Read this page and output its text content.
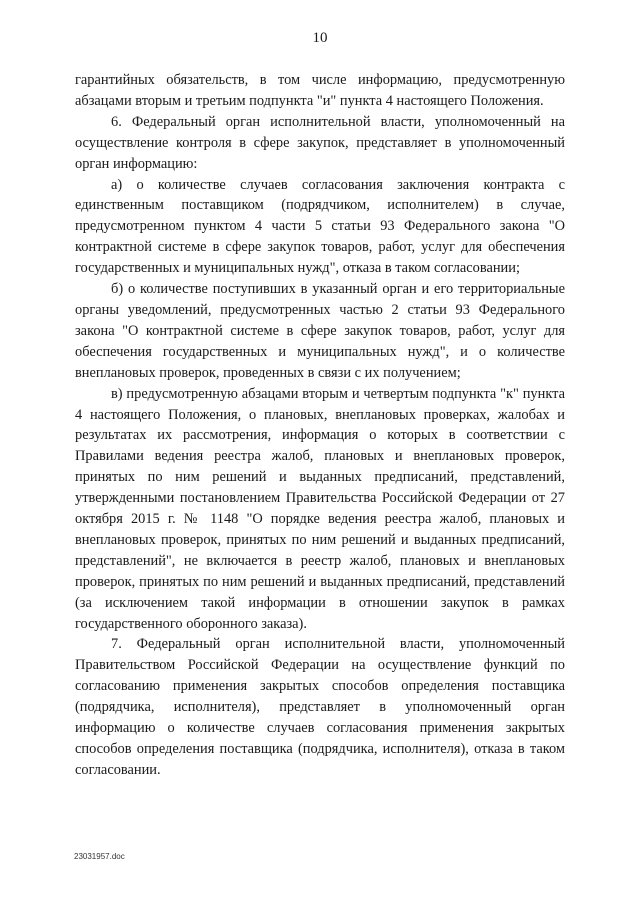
10

гарантийных обязательств, в том числе информацию, предусмотренную абзацами вторым и третьим подпункта "и" пункта 4 настоящего Положения.

6. Федеральный орган исполнительной власти, уполномоченный на осуществление контроля в сфере закупок, представляет в уполномоченный орган информацию:

а) о количестве случаев согласования заключения контракта с единственным поставщиком (подрядчиком, исполнителем) в случае, предусмотренном пунктом 4 части 5 статьи 93 Федерального закона "О контрактной системе в сфере закупок товаров, работ, услуг для обеспечения государственных и муниципальных нужд", отказа в таком согласовании;

б) о количестве поступивших в указанный орган и его территориальные органы уведомлений, предусмотренных частью 2 статьи 93 Федерального закона "О контрактной системе в сфере закупок товаров, работ, услуг для обеспечения государственных и муниципальных нужд", и о количестве внеплановых проверок, проведенных в связи с их получением;

в) предусмотренную абзацами вторым и четвертым подпункта "к" пункта 4 настоящего Положения, о плановых, внеплановых проверках, жалобах и результатах их рассмотрения, информация о которых в соответствии с Правилами ведения реестра жалоб, плановых и внеплановых проверок, принятых по ним решений и выданных предписаний, представлений, утвержденными постановлением Правительства Российской Федерации от 27 октября 2015 г. № 1148 "О порядке ведения реестра жалоб, плановых и внеплановых проверок, принятых по ним решений и выданных предписаний, представлений", не включается в реестр жалоб, плановых и внеплановых проверок, принятых по ним решений и выданных предписаний, представлений (за исключением такой информации в отношении закупок в рамках государственного оборонного заказа).

7. Федеральный орган исполнительной власти, уполномоченный Правительством Российской Федерации на осуществление функций по согласованию применения закрытых способов определения поставщика (подрядчика, исполнителя), представляет в уполномоченный орган информацию о количестве случаев согласования применения закрытых способов определения поставщика (подрядчика, исполнителя), отказа в таком согласовании.

23031957.doc
